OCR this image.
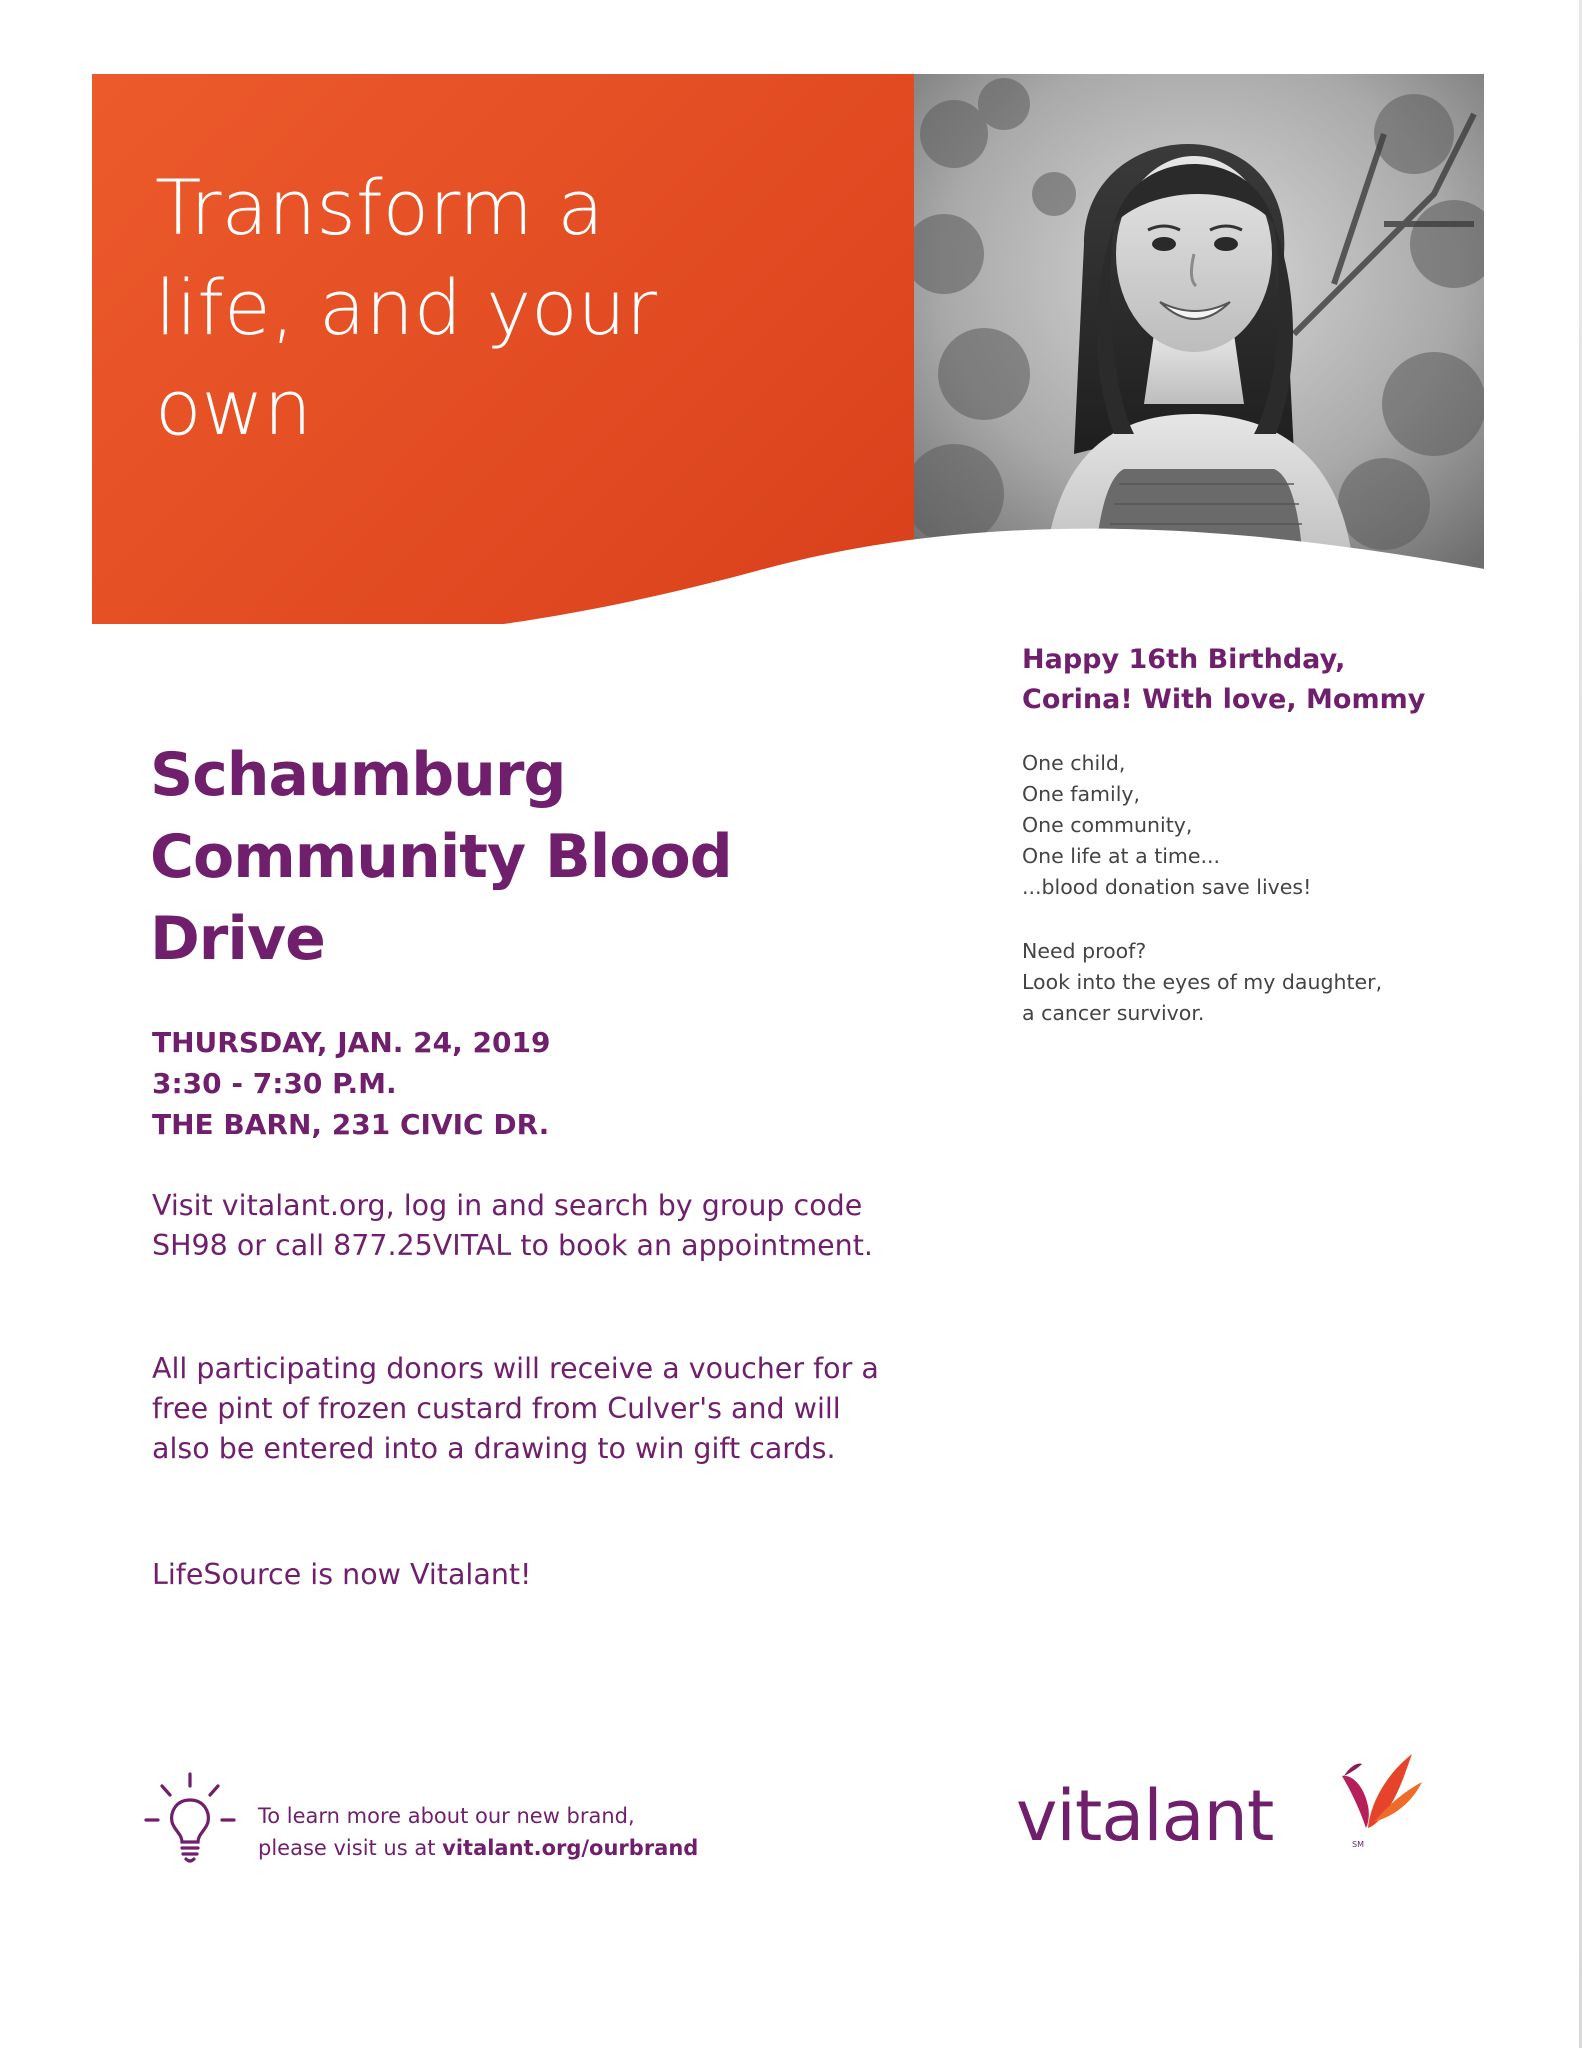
Transform a
life, and your
own
Schaumburg Community Blood Drive
THURSDAY, JAN. 24, 2019
3:30 - 7:30 P.M.
THE BARN, 231 CIVIC DR.
Visit vitalant.org, log in and search by group code SH98 or call 877.25VITAL to book an appointment.
All participating donors will receive a voucher for a free pint of frozen custard from Culver's and will also be entered into a drawing to win gift cards.
LifeSource is now Vitalant!
Happy 16th Birthday,
Corina! With love, Mommy
One child,
One family,
One community,
One life at a time...
...blood donation save lives!
Need proof?
Look into the eyes of my daughter,
a cancer survivor.
To learn more about our new brand,
please visit us at vitalant.org/ourbrand	vitalant	SM
